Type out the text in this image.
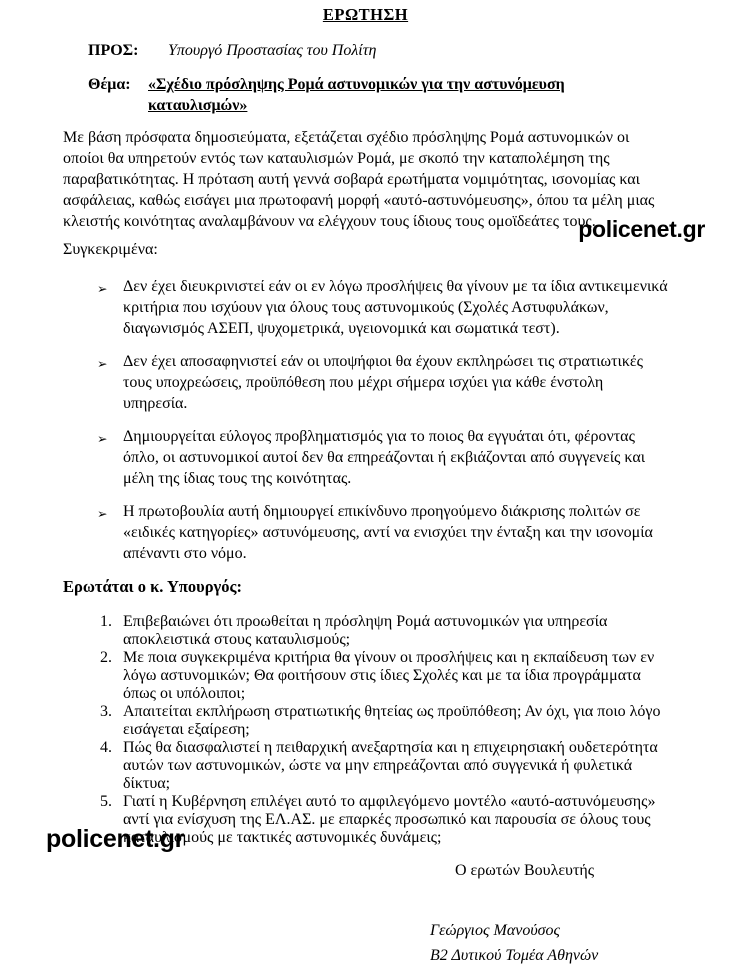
ΕΡΩΤΗΣΗ
ΠΡΟΣ:	Υπουργό Προστασίας του Πολίτη
Θέμα:	«Σχέδιο πρόσληψης Ρομά αστυνομικών για την αστυνόμευση καταυλισμών»

Με βάση πρόσφατα δημοσιεύματα, εξετάζεται σχέδιο πρόσληψης Ρομά αστυνομικών οι οποίοι θα υπηρετούν εντός των καταυλισμών Ρομά, με σκοπό την καταπολέμηση της παραβατικότητας. Η πρόταση αυτή γεννά σοβαρά ερωτήματα νομιμότητας, ισονομίας και ασφάλειας, καθώς εισάγει μια πρωτοφανή μορφή «αυτό-αστυνόμευσης», όπου τα μέλη μιας κλειστής κοινότητας αναλαμβάνουν να ελέγχουν τους ίδιους τους ομοϊδεάτες τους.

Συγκεκριμένα:
➢ Δεν έχει διευκρινιστεί εάν οι εν λόγω προσλήψεις θα γίνουν με τα ίδια αντικειμενικά κριτήρια που ισχύουν για όλους τους αστυνομικούς (Σχολές Αστυφυλάκων, διαγωνισμός ΑΣΕΠ, ψυχομετρικά, υγειονομικά και σωματικά τεστ).
➢ Δεν έχει αποσαφηνιστεί εάν οι υποψήφιοι θα έχουν εκπληρώσει τις στρατιωτικές τους υποχρεώσεις, προϋπόθεση που μέχρι σήμερα ισχύει για κάθε ένστολη υπηρεσία.
➢ Δημιουργείται εύλογος προβληματισμός για το ποιος θα εγγυάται ότι, φέροντας όπλο, οι αστυνομικοί αυτοί δεν θα επηρεάζονται ή εκβιάζονται από συγγενείς και μέλη της ίδιας τους της κοινότητας.
➢ Η πρωτοβουλία αυτή δημιουργεί επικίνδυνο προηγούμενο διάκρισης πολιτών σε «ειδικές κατηγορίες» αστυνόμευσης, αντί να ενισχύει την ένταξη και την ισονομία απέναντι στο νόμο.
Ερωτάται ο κ. Υπουργός:
1. Επιβεβαιώνει ότι προωθείται η πρόσληψη Ρομά αστυνομικών για υπηρεσία αποκλειστικά στους καταυλισμούς;
2. Με ποια συγκεκριμένα κριτήρια θα γίνουν οι προσλήψεις και η εκπαίδευση των εν λόγω αστυνομικών; Θα φοιτήσουν στις ίδιες Σχολές και με τα ίδια προγράμματα όπως οι υπόλοιποι;
3. Απαιτείται εκπλήρωση στρατιωτικής θητείας ως προϋπόθεση; Αν όχι, για ποιο λόγο εισάγεται εξαίρεση;
4. Πώς θα διασφαλιστεί η πειθαρχική ανεξαρτησία και η επιχειρησιακή ουδετερότητα αυτών των αστυνομικών, ώστε να μην επηρεάζονται από συγγενικά ή φυλετικά δίκτυα;
5. Γιατί η Κυβέρνηση επιλέγει αυτό το αμφιλεγόμενο μοντέλο «αυτό-αστυνόμευσης» αντί για ενίσχυση της ΕΛ.ΑΣ. με επαρκές προσωπικό και παρουσία σε όλους τους καταυλισμούς με τακτικές αστυνομικές δυνάμεις;
Ο ερωτών Βουλευτής
Γεώργιος Μανούσος
Β2 Δυτικού Τομέα Αθηνών
policenet.gr
policenet.gr
